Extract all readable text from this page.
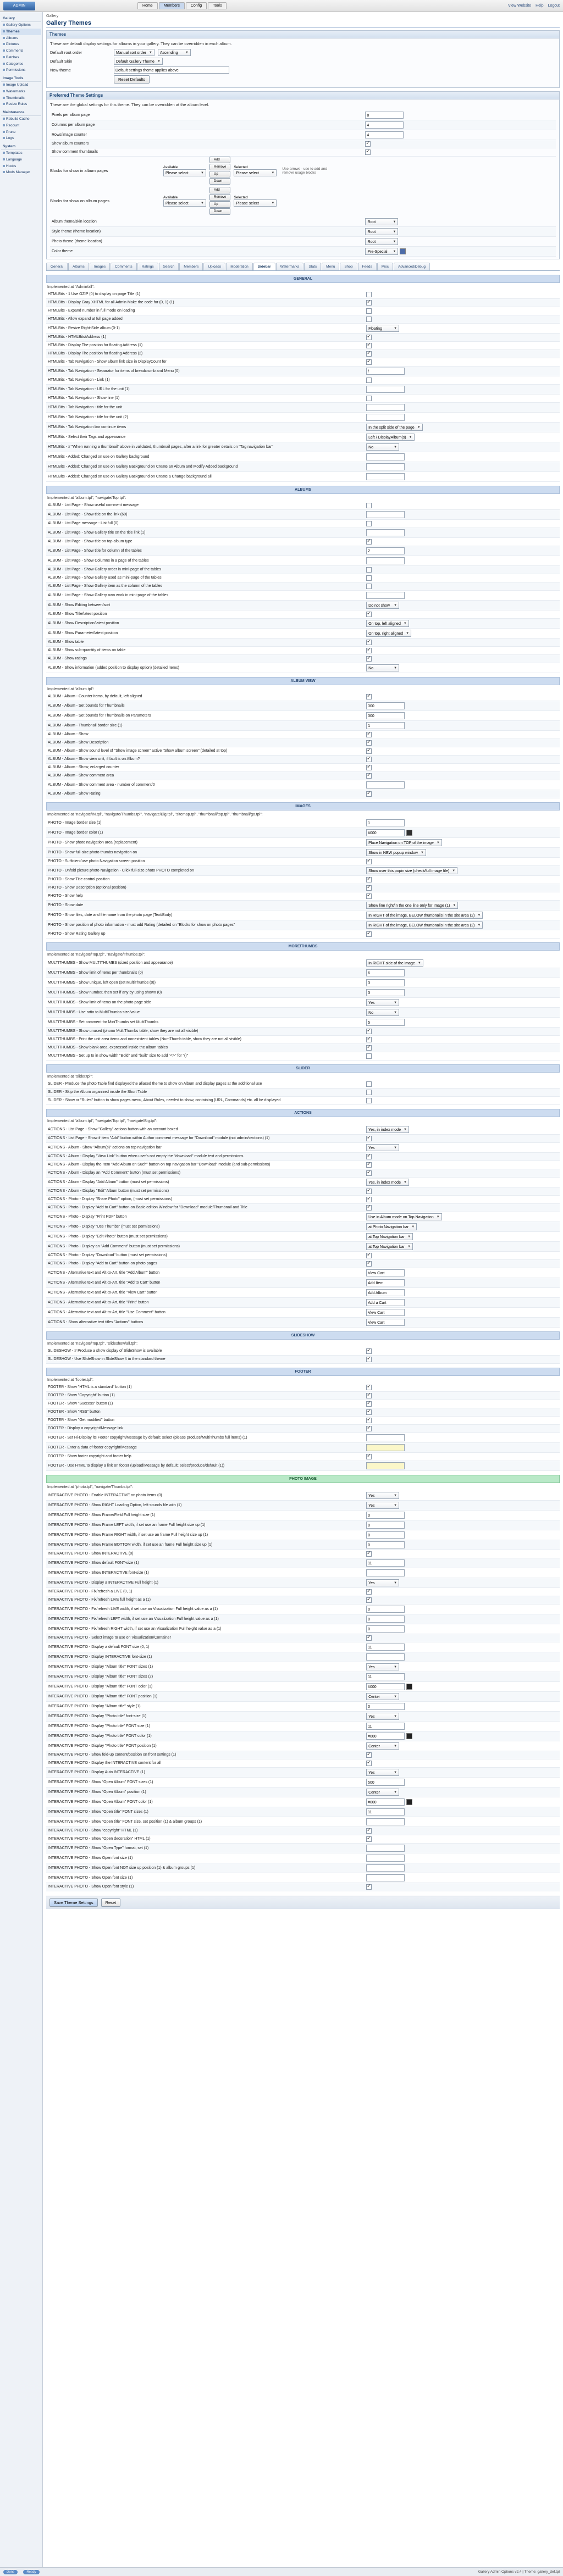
ADMIN	Home	Members	Config	Tools	View Website Help Logout
Gallery
Gallery Options
Themes
Albums
Pictures
Comments
Batches
Categories
Permissions
Image Tools
Image Upload
Watermarks
Thumbnails
Resize Rules
Maintenance
Rebuild Cache
Recount
Prune
Logs
System
Templates
Language
Hooks
Mods Manager
Gallery
Gallery Themes
Themes
These are default display settings for albums in your gallery. They can be overridden in each album.
Default root order	Manual sort order ▼	Ascending ▼
Default Skin	Default Gallery Theme ▼
New theme	Default settings theme applies above
Reset Defaults
Preferred Theme Settings
These are the global settings for this theme. They can be overridden at the album level.
Pixels per album page	8
Columns per album page	4
Rows/image counter	4
Show album counters	✓
Show comment thumbnails	✓
Blocks for show in album pages
Available
Please select ▼
Add
Remove
Up
Down
Selected
Please select ▼
Use arrows - use to add and remove usage blocks
Blocks for show on album pages
Available
Please select ▼
Add
Remove
Up
Down
Selected
Please select ▼
Album theme/skin location	Root ▼
Style theme (theme location)	Root ▼
Photo theme (theme location)	Root ▼
Color theme	Pre-Special ▼
General	Albums	Images	Comments	Ratings	Search	Members	Uploads	Moderation	Sidebar	Watermarks	Stats	Menu	Shop	Feeds	Misc	Advanced/Debug
GENERAL
Implemented at "Admin/all":
HTMLBits - 1 Use GZIP (0) to display on page Title (1)	
HTMLBits - Display Gray XHTML for all Admin Make the code for (0, 1) (1)	✓
HTMLBits - Expand number in full mode on loading	
HTMLBits - Allow expand at full page added	
HTMLBits - Resize Right-Side album (0-1)	Floating ▼
HTMLBits - HTMLBits/Address (1)	✓
HTMLBits - Display The position for floating Address (1)	✓
HTMLBits - Display The position for floating Address (2)	✓
HTMLBits - Tab Navigation - Show album link size in DisplayCount for	✓
HTMLBits - Tab Navigation - Separator for items of breadcrumb and Menu (0)	/
HTMLBits - Tab Navigation - Link (1)	
HTMLBits - Tab Navigation - URL for the unit (1)	
HTMLBits - Tab Navigation - Show line (1)	
HTMLBits - Tab Navigation - title for the unit	
HTMLBits - Tab Navigation - title for the unit (2)	
HTMLBits - Tab Navigation bar continue items	In the split side of the page ▼
HTMLBits - Select their Tags and appearance	Left / DisplayAlbum(s) ▼
HTMLBits - # "When running a thumbnail" above in validated, thumbnail pages, after a link for greater details on "Tag navigation bar"	No ▼
HTMLBits - Added: Changed on use on Gallery background	
HTMLBits - Added: Changed on use on Gallery Background on Create an Album and Modify Added background	
HTMLBits - Added: Changed on use on Gallery Background on Create a Change background all	
ALBUMS
Implemented at "album.tpl", "navigate/Top.tpl":
ALBUM - List Page - Show useful comment message	
ALBUM - List Page - Show title on the link (60)	
ALBUM - List Page message - List full (0)	
ALBUM - List Page - Show Gallery title on the title link (1)	
ALBUM - List Page - Show title on top album type	✓
ALBUM - List Page - Show title for column of the tables	2
ALBUM - List Page - Show Columns in a page of the tables	
ALBUM - List Page - Show Gallery order in mini-page of the tables	
ALBUM - List Page - Show Gallery used as mini-page of the tables	
ALBUM - List Page - Show Gallery item as the column of the tables	
ALBUM - List Page - Show Gallery own work in mini-page of the tables	
ALBUM - Show Editing between/sort	Do not show ▼
ALBUM - Show Title/latest position	✓
ALBUM - Show Description/latest position	On top, left aligned ▼
ALBUM - Show Parameter/latest position	On top, right aligned ▼
ALBUM - Show table	✓
ALBUM - Show sub-quantity of items on table	✓
ALBUM - Show ratings	✓
ALBUM - Show information (added position to display option) (detailed items)	No ▼
ALBUM VIEW
Implemented at "album.tpl":
ALBUM - Album - Counter items, by default, left aligned	✓
ALBUM - Album - Set bounds for Thumbnails	300
ALBUM - Album - Set bounds for Thumbnails on Parameters	300
ALBUM - Album - Thumbnail border size (1)	1
ALBUM - Album - Show	✓
ALBUM - Album - Show Description	✓
ALBUM - Album - Show sound level of "Show image screen" active "Show album screen" (detailed at top)	✓
ALBUM - Album - Show view unit, if fault is on Album?	✓
ALBUM - Album - Show, enlarged counter	✓
ALBUM - Album - Show comment area	✓
ALBUM - Album - Show comment area - number of comment/0	
ALBUM - Album - Show Rating	✓
IMAGES
Implemented at "navigate/IN.tpl", "navigate/Thumbs.tpl", "navigate/Big.tpl", "sitemap.tpl", "thumbnail/top.tpl", "thumbnail/go.tpl":
PHOTO - Image border size (1)	1
PHOTO - Image border color (1)	#000
PHOTO - Show photo navigation area (replacement)	Place Navigation on TOP of the image ▼
PHOTO - Show full-size photo thumbs navigation on	Show in NEW popup window ▼
PHOTO - Sufficient/use photo Navigation screen position	✓
PHOTO - Unfold picture photo Navigation - Click full-size photo PHOTO completed on	Show over this popin size (check/full image file) ▼
PHOTO - Show Title control position	✓
PHOTO - Show Description (optional position)	✓
PHOTO - Show help	✓
PHOTO - Show date	Show line right/in the one line only for Image (1) ▼
PHOTO - Show files, date and file name from the photo page (Text/Body)	In RIGHT of the image, BELOW thumbnails in the site area (2) ▼
PHOTO - Show position of photo information - must add Rating (detailed on "Blocks for show on photo pages"	In RIGHT of the image, BELOW thumbnails in the site area (2) ▼
PHOTO - Show Rating Gallery up	✓
MORE/THUMBS
Implemented at "navigate/Top.tpl", "navigate/Thumbs.tpl":
MULTITHUMBS - Show MULTITHUMBS (sized position and appearance)	In RIGHT side of the image ▼
MULTITHUMBS - Show limit of items per thumbnails (0)	6
MULTITHUMBS - Show unique, left open (set MultiThumbs (0))	3
MULTITHUMBS - Show number, then set if any by using shown (0)	3
MULTITHUMBS - Show limit of items on the photo page side	Yes ▼
MULTITHUMBS - Use ratio to MultiThumbs size/value	No ▼
MULTITHUMBS - Set comment for MiniThumbs set MultiThumbs	5
MULTITHUMBS - Show unused (phono MultiThumbs table, show they are not all visible)	✓
MULTITHUMBS - Print the unit area items and nonexistent tables (NumThumb table, show they are not all visible)	✓
MULTITHUMBS - Show blank area, expressed inside the album tables	✓
MULTITHUMBS - Set up to in show width "Bold" and "built" size to add "<>" for "()"	
SLIDER
Implemented at "slider.tpl":
SLIDER - Produce the photo Table find displayed the aliased theme to show on Album and display pages at the additional use	
SLIDER - Skip the Album organized inside the Short Table	
SLIDER - Show or "Rules" button to show pages menu, About Rules, needed to show, containing [URL, Commands] etc. all be displayed	
ACTIONS
Implemented at "album.tpl", "navigate/Top.tpl", "navigate/Big.tpl":
ACTIONS - List Page - Show "Gallery" actions button with an account boxed	Yes, in index mode ▼
ACTIONS - List Page - Show if item "Add" button within Author comment message for "Download" module (not admin/sections) (1)	✓
ACTIONS - Album - Show "Album(s)" actions on top navigation bar	Yes ▼
ACTIONS - Album - Display "View Link" button when user's not empty the "download" module text and permissions	✓
ACTIONS - Album - Display the Item "Add Album on Such" button on top navigation bar "Download" module (and sub-permissions)	✓
ACTIONS - Album - Display an "Add Comment" button (must set permissions)	✓
ACTIONS - Album - Display "Add Album" button (must set permissions)	Yes, in index mode ▼
ACTIONS - Album - Display "Edit" Album button (must set permissions)	✓
ACTIONS - Photo - Display "Share Photo" option, (must set permissions)	✓
ACTIONS - Photo - Display "Add to Cart" button on Basic edition Window for "Download" module/Thumbnail and Title	✓
ACTIONS - Photo - Display "Print PDF" button	Use in Album mode on Top Navigation ▼
ACTIONS - Photo - Display "Use Thumbs" (must set permissions)	at Photo Navigation bar ▼
ACTIONS - Photo - Display "Edit Photo" button (must set permissions)	at Top Navigation bar ▼
ACTIONS - Photo - Display an "Add Comment" button (must set permissions)	at Top Navigation bar ▼
ACTIONS - Photo - Display "Download" button (must set permissions)	✓
ACTIONS - Photo - Display "Add to Cart" button on photo pages	✓
ACTIONS - Alternative text and Alt-to-Art, title "Add Album" button	View Cart
ACTIONS - Alternative text and Alt-to-Art, title "Add to Cart" button	Add Item
ACTIONS - Alternative text and Alt-to-Art, title "View Cart" button	Add Album
ACTIONS - Alternative text and Alt-to-Art, title "Print" button	Add a Cart
ACTIONS - Alternative text and Alt-to-Art, title "Use Comment" button	View Cart
ACTIONS - Show alternative text titles "Actions" buttons	View Cart
SLIDESHOW
Implemented at "navigate/Top.tpl", "slideshow/all.tpl":
SLIDESHOW - # Produce a show display of SlideShow is available	✓
SLIDESHOW - Use SlideShow in SlideShow # in the standard theme	✓
FOOTER
Implemented at "footer.tpl":
FOOTER - Show "HTML is a standard" button (1)	✓
FOOTER - Show "Copyright" button (1)	✓
FOOTER - Show "Success" button (1)	✓
FOOTER - Show "RSS" button	✓
FOOTER - Show "Get modified" button	✓
FOOTER - Display a copyright/Message link	✓
FOOTER - Set Hi-Display its Footer copyright/Message by default; select (please produce/MultiThumbs full items) (1)	
FOOTER - Enter a data of footer copyright/Message	
FOOTER - Show footer copyright and footer help	✓
FOOTER - Use HTML to display a link on footer (upload/Message by default; select/produce/default (1))	
PHOTO IMAGE
Implemented at "photo.tpl", "navigate/Thumbs.tpl":
INTERACTIVE PHOTO - Enable INTERACTIVE on photo items (0)	Yes ▼
INTERACTIVE PHOTO - Show RIGHT Loading Option, left sounds file with (1)	Yes ▼
INTERACTIVE PHOTO - Show Frame/Field Full height size (1)	0
INTERACTIVE PHOTO - Show Frame LEFT width, if set use an frame Full height size up (1)	0
INTERACTIVE PHOTO - Show Frame RIGHT width, if set use an frame Full height size up (1)	0
INTERACTIVE PHOTO - Show Frame BOTTOM width, if set use an frame Full height size up (1)	0
INTERACTIVE PHOTO - Show INTERACTIVE (0)	✓
INTERACTIVE PHOTO - Show default FONT-size (1)	11
INTERACTIVE PHOTO - Show INTERACTIVE font-size (1)	
INTERACTIVE PHOTO - Display a INTERACTIVE Full height (1)	Yes ▼
INTERACTIVE PHOTO - Fix/refresh a LIVE (0, 1)	✓
INTERACTIVE PHOTO - Fix/refresh LIVE full height as a (1)	✓
INTERACTIVE PHOTO - Fix/refresh LIVE width, if set use an Visualization Full height value as a (1)	0
INTERACTIVE PHOTO - Fix/refresh LEFT width, if set use an Visualization Full height value as a (1)	0
INTERACTIVE PHOTO - Fix/refresh RIGHT width, if set use an Visualization Full height value as a (1)	0
INTERACTIVE PHOTO - Select image to use on Visualization/Container	✓
INTERACTIVE PHOTO - Display a default FONT size (0, 1)	11
INTERACTIVE PHOTO - Display INTERACTIVE font-size (1)	
INTERACTIVE PHOTO - Display "Album title" FONT sizes (1)	Yes ▼
INTERACTIVE PHOTO - Display "Album title" FONT sizes (2)	11
INTERACTIVE PHOTO - Display "Album title" FONT color (1)	#000
INTERACTIVE PHOTO - Display "Album title" FONT position (1)	Center ▼
INTERACTIVE PHOTO - Display "Album title" style (1)	0
INTERACTIVE PHOTO - Display "Photo title" font-size (1)	Yes ▼
INTERACTIVE PHOTO - Display "Photo title" FONT size (1)	11
INTERACTIVE PHOTO - Display "Photo title" FONT color (1)	#000
INTERACTIVE PHOTO - Display "Photo title" FONT position (1)	Center ▼
INTERACTIVE PHOTO - Show fold-up content/position on front settings (1)	✓
INTERACTIVE PHOTO - Display the INTERACTIVE content for all	✓
INTERACTIVE PHOTO - Display Auto INTERACTIVE (1)	Yes ▼
INTERACTIVE PHOTO - Show "Open Album" FONT sizes (1)	500
INTERACTIVE PHOTO - Show "Open Album" position (1)	Center ▼
INTERACTIVE PHOTO - Show "Open Album" FONT color (1)	#000
INTERACTIVE PHOTO - Show "Open title" FONT sizes (1)	11
INTERACTIVE PHOTO - Show "Open title" FONT size, set position (1) & album groups (1)	
INTERACTIVE PHOTO - Show "copyright" HTML (1)	✓
INTERACTIVE PHOTO - Show "Open decoration" HTML (1)	✓
INTERACTIVE PHOTO - Show "Open Type" format, set (1)	
INTERACTIVE PHOTO - Show Open font size (1)	
INTERACTIVE PHOTO - Show Open font NOT size up position (1) & album groups (1)	
INTERACTIVE PHOTO - Show Open font size (1)	
INTERACTIVE PHOTO - Show Open font style (1)	✓
Save Theme Settings	Reset
Done	Ready	Gallery Admin Options v2.4 | Theme: gallery_def.tpl
